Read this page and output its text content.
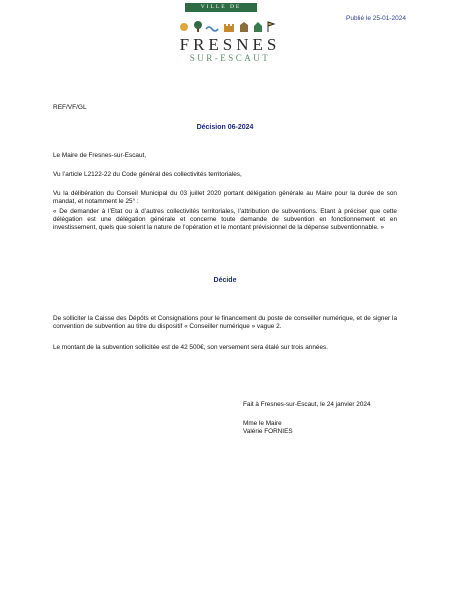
Publié le 25-01-2024
VILLE DE
FRESNES
SUR-ESCAUT
REF/VF/GL
Décision 06-2024
Le Maire de Fresnes-sur-Escaut,
Vu l’article L2122-22 du Code général des collectivités territoriales,
Vu la délibération du Conseil Municipal du 03 juillet 2020 portant délégation générale au Maire pour la durée de son mandat, et notamment le 25° :
« De demander à l’Etat ou à d’autres collectivités territoriales, l’attribution de subventions. Etant à préciser que cette délégation est une délégation générale et concerne toute demande de subvention en fonctionnement et en investissement, quels que soient la nature de l’opération et le montant prévisionnel de la dépense subventionnable. »
Décide
De solliciter la Caisse des Dépôts et Consignations pour le financement du poste de conseiller numérique, et de signer la convention de subvention au titre du dispositif « Conseiller numérique » vague 2.
Le montant de la subvention sollicitée est de 42 500€, son versement sera étalé sur trois années.
Fait à Fresnes-sur-Escaut, le 24 janvier 2024
Mme le Maire
Valérie FORNIES
